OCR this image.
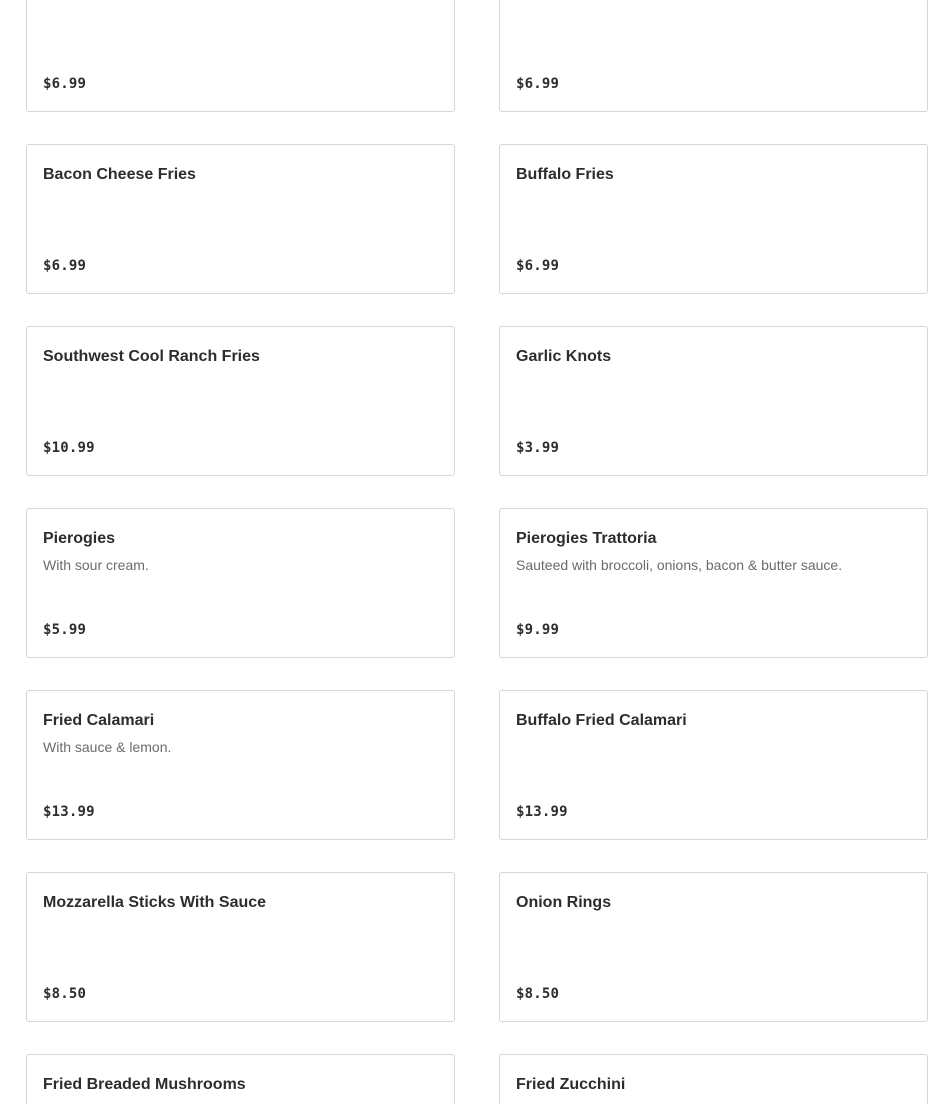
$6.99	$6.99
Bacon Cheese Fries
$6.99
Buffalo Fries
$6.99
Southwest Cool Ranch Fries
$10.99
Garlic Knots
$3.99
Pierogies
With sour cream.
$5.99
Pierogies Trattoria
Sauteed with broccoli, onions, bacon & butter sauce.
$9.99
Fried Calamari
With sauce & lemon.
$13.99
Buffalo Fried Calamari
$13.99
Mozzarella Sticks With Sauce
$8.50
Onion Rings
$8.50
Fried Breaded Mushrooms	Fried Zucchini
